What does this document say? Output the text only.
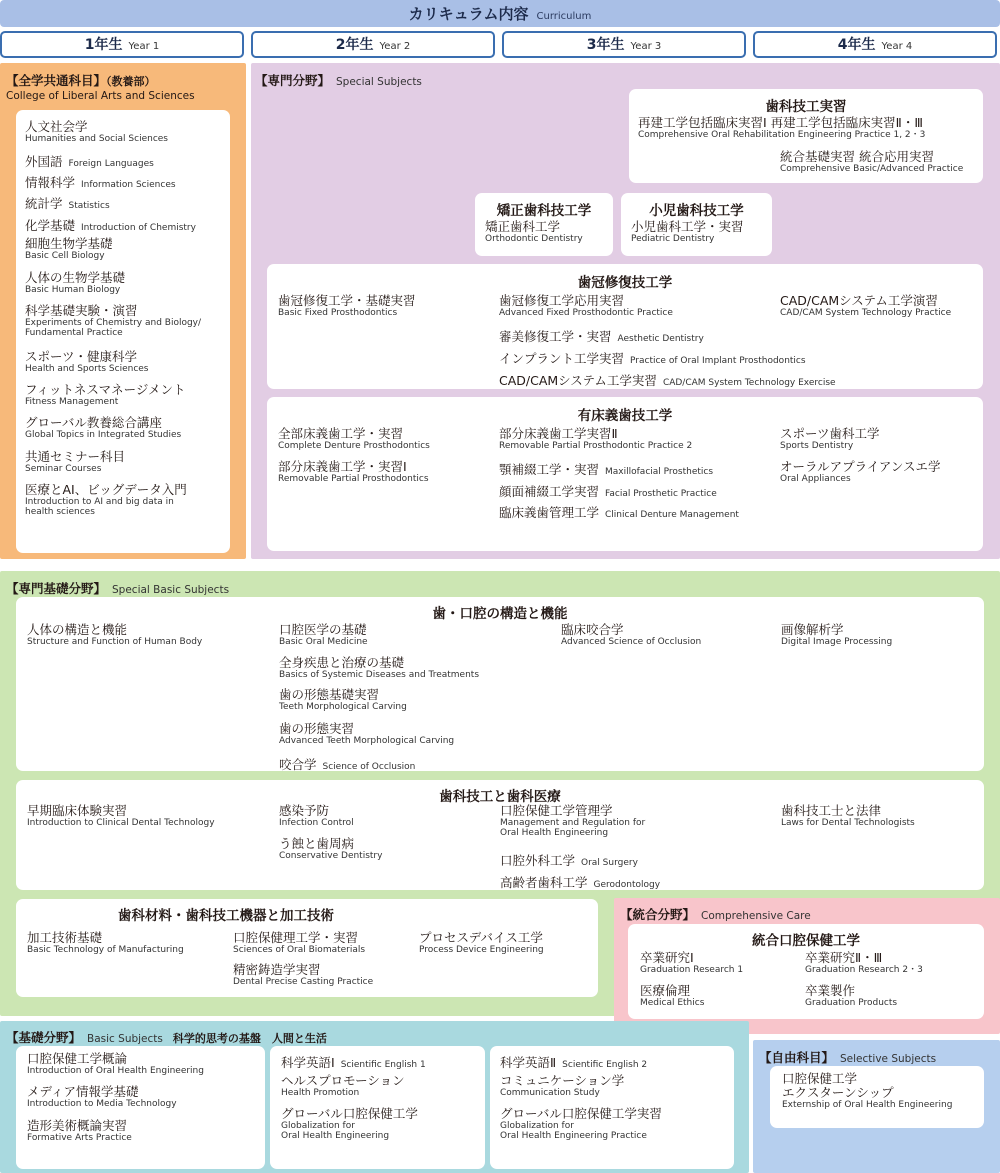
カリキュラム内容 Curriculum
1年生 Year 1	2年生 Year 2	3年生 Year 3	4年生 Year 4
【全学共通科目】（教養部）
College of Liberal Arts and Sciences
人文社会学
Humanities and Social Sciences
外国語 Foreign Languages
情報科学 Information Sciences
統計学 Statistics
化学基礎 Introduction of Chemistry
細胞生物学基礎
Basic Cell Biology
人体の生物学基礎
Basic Human Biology
科学基礎実験・演習
Experiments of Chemistry and Biology/
Fundamental Practice
スポーツ・健康科学
Health and Sports Sciences
フィットネスマネージメント
Fitness Management
グローバル教養総合講座
Global Topics in Integrated Studies
共通セミナー科目
Seminar Courses
医療とAI、ビッグデータ入門
Introduction to AI and big data in
health sciences
【専門分野】 Special Subjects
歯科技工実習
再建工学包括臨床実習Ⅰ 再建工学包括臨床実習Ⅱ・Ⅲ
Comprehensive Oral Rehabilitation Engineering Practice 1, 2・3
統合基礎実習 統合応用実習
Comprehensive Basic/Advanced Practice
矯正歯科技工学
矯正歯科工学
Orthodontic Dentistry
小児歯科技工学
小児歯科工学・実習
Pediatric Dentistry
歯冠修復技工学
歯冠修復工学・基礎実習
Basic Fixed Prosthodontics
歯冠修復工学応用実習
Advanced Fixed Prosthodontic Practice
審美修復工学・実習 Aesthetic Dentistry
インプラント工学実習 Practice of Oral Implant Prosthodontics
CAD/CAMシステム工学実習 CAD/CAM System Technology Exercise
CAD/CAMシステム工学演習
CAD/CAM System Technology Practice
有床義歯技工学
全部床義歯工学・実習
Complete Denture Prosthodontics
部分床義歯工学・実習Ⅰ
Removable Partial Prosthodontics
部分床義歯工学実習Ⅱ
Removable Partial Prosthodontic Practice 2
顎補綴工学・実習 Maxillofacial Prosthetics
顔面補綴工学実習 Facial Prosthetic Practice
臨床義歯管理工学 Clinical Denture Management
スポーツ歯科工学
Sports Dentistry
オーラルアプライアンスエ学
Oral Appliances
【専門基礎分野】 Special Basic Subjects
歯・口腔の構造と機能
人体の構造と機能
Structure and Function of Human Body
口腔医学の基礎
Basic Oral Medicine
全身疾患と治療の基礎
Basics of Systemic Diseases and Treatments
歯の形態基礎実習
Teeth Morphological Carving
歯の形態実習
Advanced Teeth Morphological Carving
咬合学 Science of Occlusion
臨床咬合学
Advanced Science of Occlusion
画像解析学
Digital Image Processing
歯科技工と歯科医療
早期臨床体験実習
Introduction to Clinical Dental Technology
感染予防
Infection Control
う蝕と歯周病
Conservative Dentistry
口腔保健工学管理学
Management and Regulation for
Oral Health Engineering
口腔外科工学 Oral Surgery
高齢者歯科工学 Gerodontology
歯科技工士と法律
Laws for Dental Technologists
歯科材料・歯科技工機器と加工技術
加工技術基礎
Basic Technology of Manufacturing
口腔保健理工学・実習
Sciences of Oral Biomaterials
精密鋳造学実習
Dental Precise Casting Practice
プロセスデバイス工学
Process Device Engineering
【統合分野】 Comprehensive Care
統合口腔保健工学
卒業研究Ⅰ
Graduation Research 1
医療倫理
Medical Ethics
卒業研究Ⅱ・Ⅲ
Graduation Research 2・3
卒業製作
Graduation Products
【基礎分野】 Basic Subjects 科学的思考の基盤　人間と生活
口腔保健工学概論
Introduction of Oral Health Engineering
メディア情報学基礎
Introduction to Media Technology
造形美術概論実習
Formative Arts Practice
科学英語Ⅰ Scientific English 1
ヘルスプロモーション
Health Promotion
グローバル口腔保健工学
Globalization for
Oral Health Engineering
科学英語Ⅱ Scientific English 2
コミュニケーション学
Communication Study
グローバル口腔保健工学実習
Globalization for
Oral Health Engineering Practice
【自由科目】 Selective Subjects
口腔保健工学
エクスターンシップ
Externship of Oral Health Engineering
